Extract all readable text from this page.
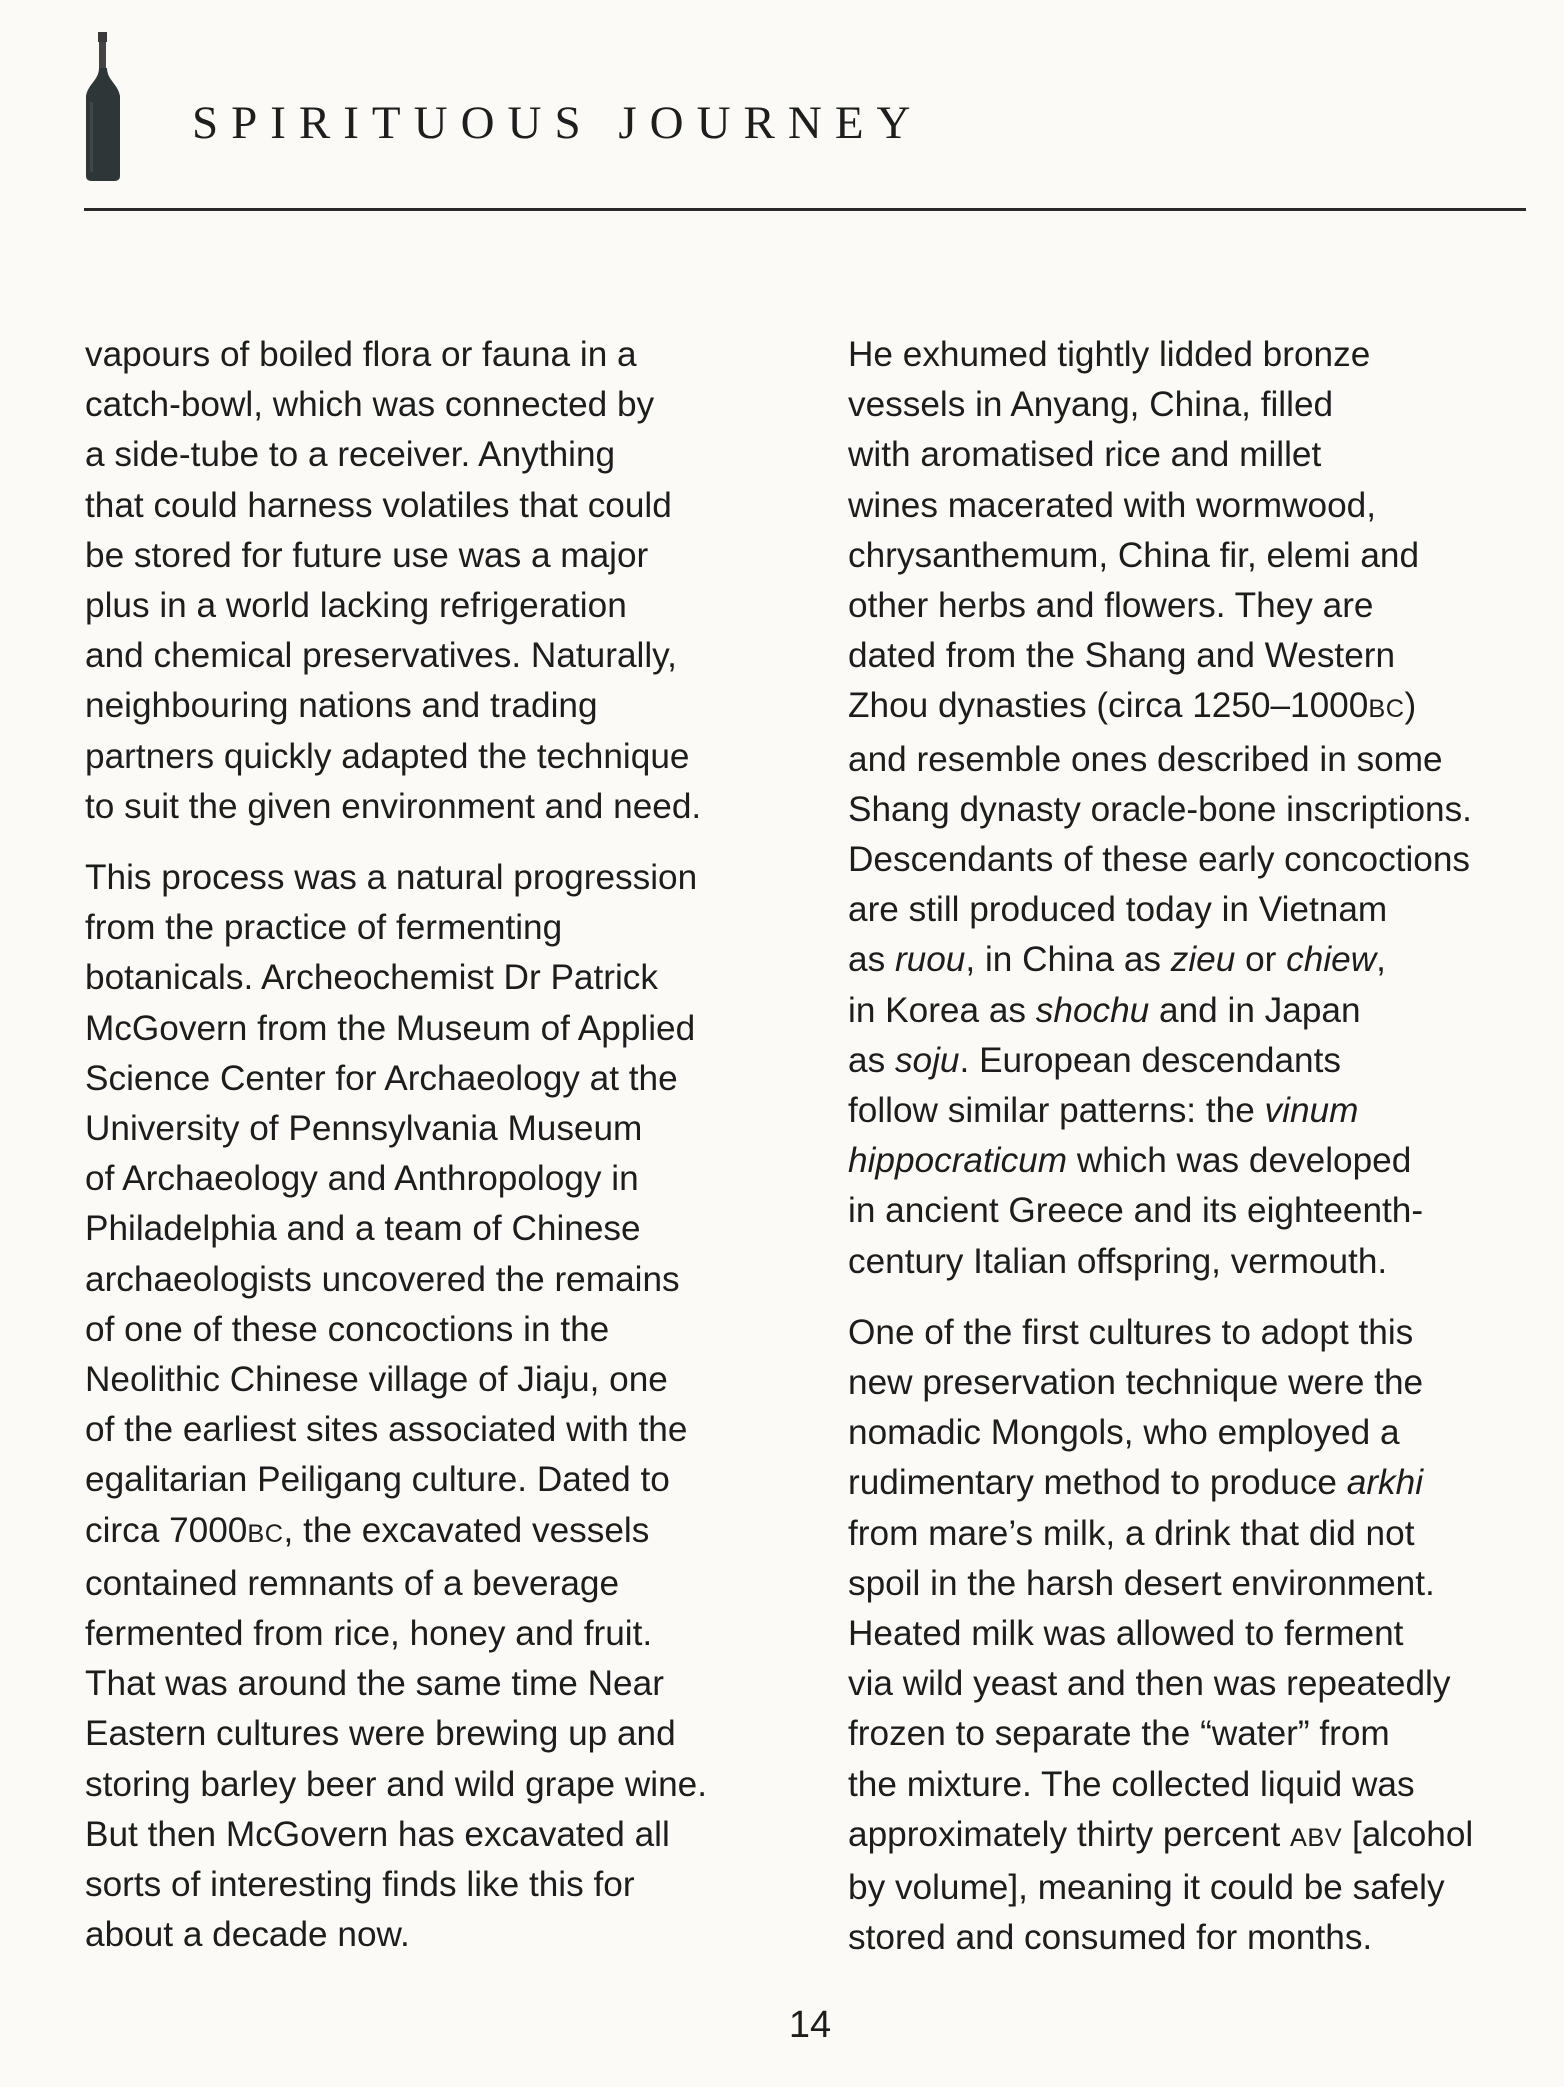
SPIRITUOUS JOURNEY
vapours of boiled flora or fauna in a
catch-bowl, which was connected by
a side-tube to a receiver. Anything
that could harness volatiles that could
be stored for future use was a major
plus in a world lacking refrigeration
and chemical preservatives. Naturally,
neighbouring nations and trading
partners quickly adapted the technique
to suit the given environment and need.
This process was a natural progression
from the practice of fermenting
botanicals. Archeochemist Dr Patrick
McGovern from the Museum of Applied
Science Center for Archaeology at the
University of Pennsylvania Museum
of Archaeology and Anthropology in
Philadelphia and a team of Chinese
archaeologists uncovered the remains
of one of these concoctions in the
Neolithic Chinese village of Jiaju, one
of the earliest sites associated with the
egalitarian Peiligang culture. Dated to
circa 7000BC, the excavated vessels
contained remnants of a beverage
fermented from rice, honey and fruit.
That was around the same time Near
Eastern cultures were brewing up and
storing barley beer and wild grape wine.
But then McGovern has excavated all
sorts of interesting finds like this for
about a decade now.
He exhumed tightly lidded bronze
vessels in Anyang, China, filled
with aromatised rice and millet
wines macerated with wormwood,
chrysanthemum, China fir, elemi and
other herbs and flowers. They are
dated from the Shang and Western
Zhou dynasties (circa 1250–1000BC)
and resemble ones described in some
Shang dynasty oracle-bone inscriptions.
Descendants of these early concoctions
are still produced today in Vietnam
as ruou, in China as zieu or chiew,
in Korea as shochu and in Japan
as soju. European descendants
follow similar patterns: the vinum
hippocraticum which was developed
in ancient Greece and its eighteenth-
century Italian offspring, vermouth.
One of the first cultures to adopt this
new preservation technique were the
nomadic Mongols, who employed a
rudimentary method to produce arkhi
from mare’s milk, a drink that did not
spoil in the harsh desert environment.
Heated milk was allowed to ferment
via wild yeast and then was repeatedly
frozen to separate the “water” from
the mixture. The collected liquid was
approximately thirty percent ABV [alcohol
by volume], meaning it could be safely
stored and consumed for months.
14
